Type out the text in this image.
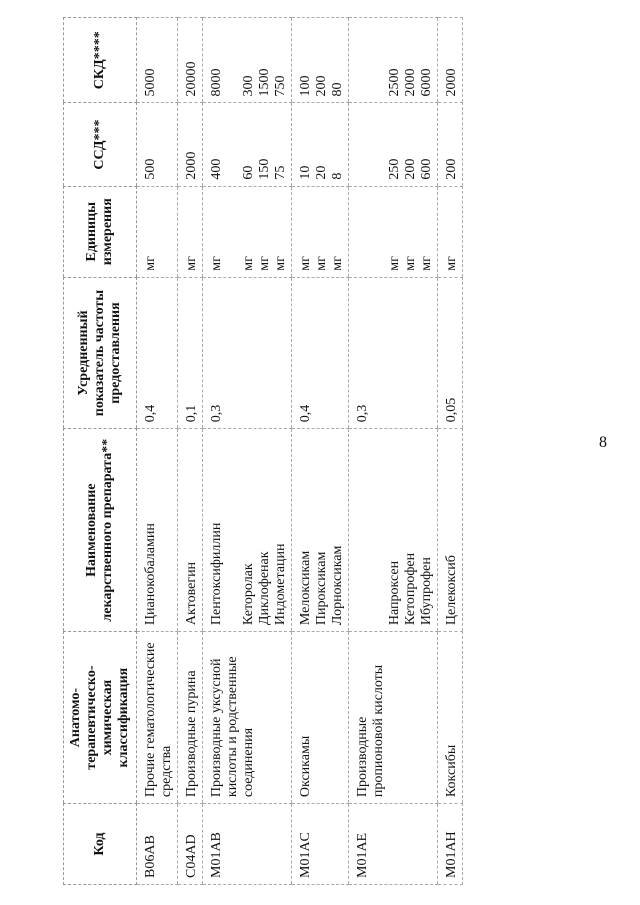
8
Код	Анатомо-терапевтическо-химическая классификация	Наименование лекарственного препарата**	Усредненный показатель частоты предоставления	Единицы измерения	ССД***	СКД****
B06AB	Прочие гематологические средства	Цианокобаламин	0,4	мг	500	5000
C04AD	Производные пурина	Актовегин	0,1	мг	2000	20000
M01AB	Производные уксусной кислоты и родственные соединения	Пентоксифиллин Кеторолак Диклофенак Индометацин	0,3	мг мг мг мг	400 60 150 75	8000 300 1500 750

M01AC	Оксикамы	Мелоксикам Пироксикам Лорноксикам	0,4	мг мг мг	10 20 8	100 200 80

M01AE	Производные пропионовой кислоты	Напроксен Кетопрофен Ибупрофен	0,3	мг мг мг	250 200 600	2500 2000 6000

M01AH	Коксибы	Целекоксиб	0,05	мг	200	2000
